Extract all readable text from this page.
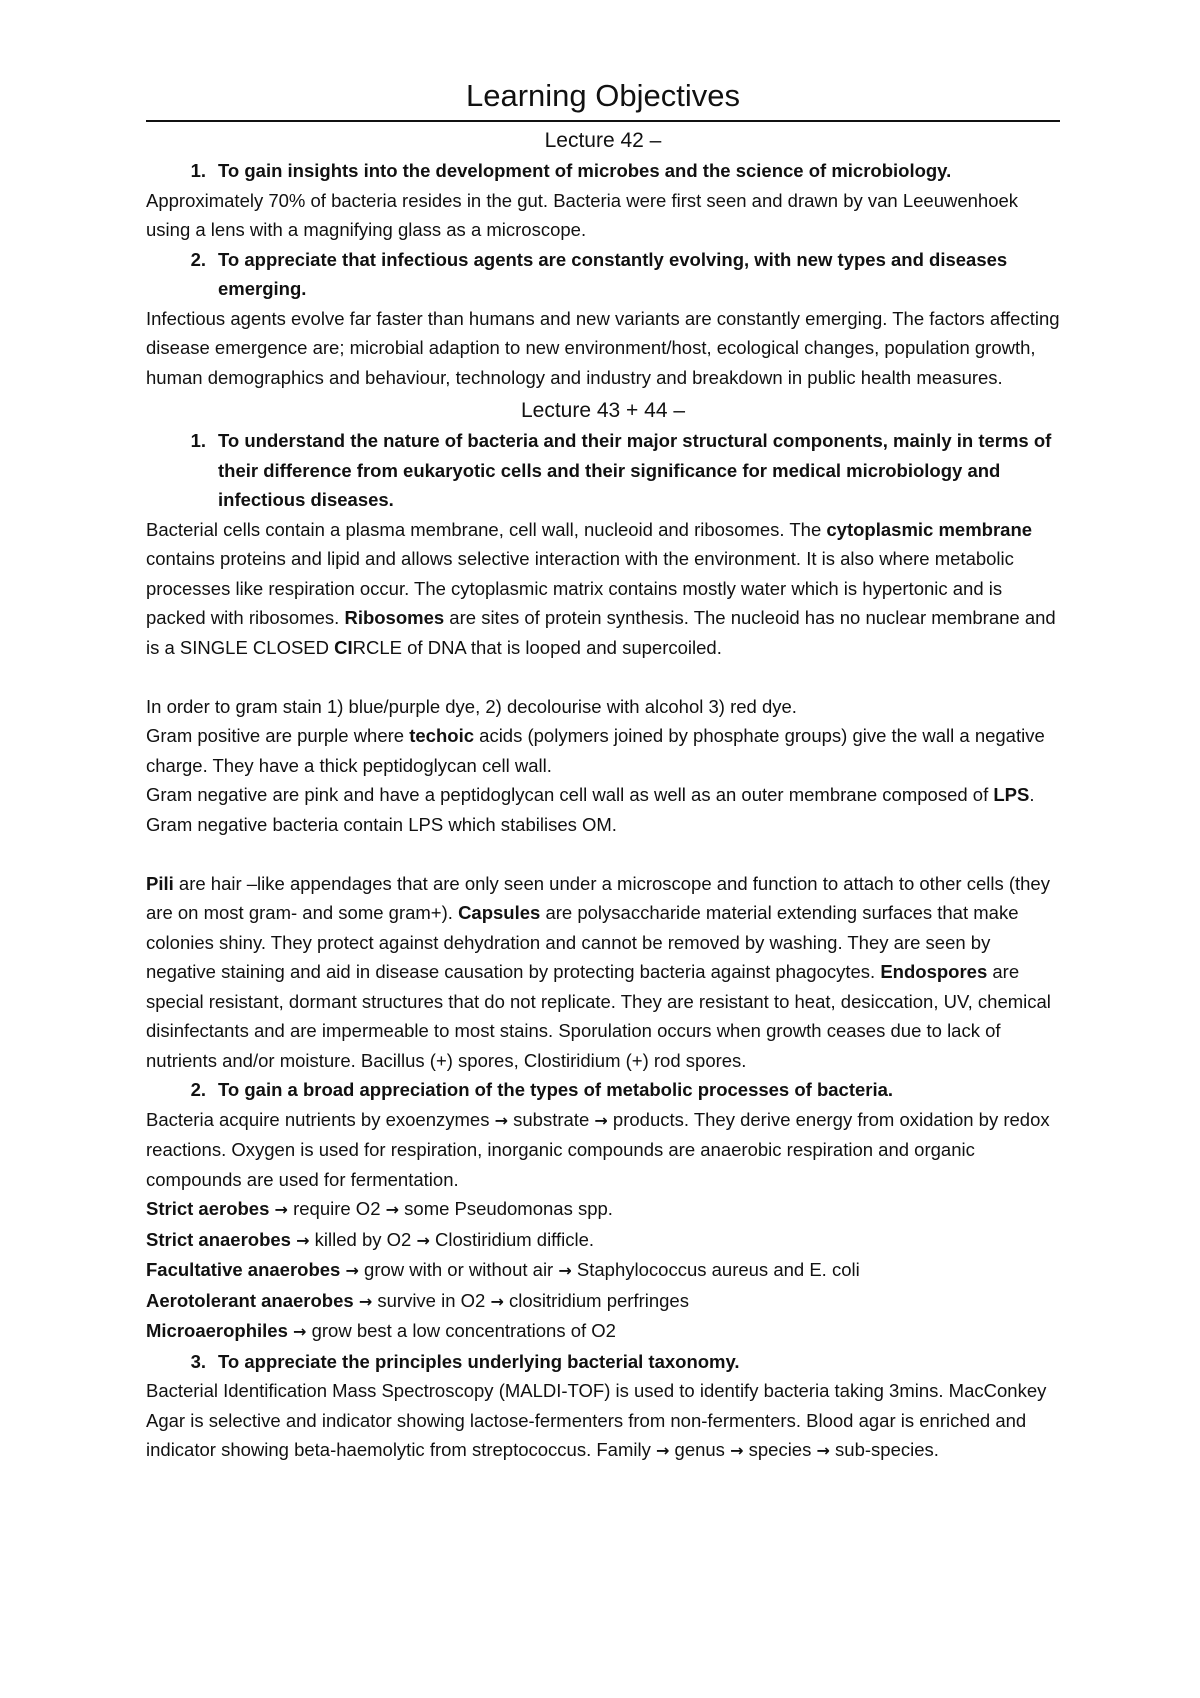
Learning Objectives
Lecture 42 –
1. To gain insights into the development of microbes and the science of microbiology.

Approximately 70% of bacteria resides in the gut. Bacteria were first seen and drawn by van Leeuwenhoek using a lens with a magnifying glass as a microscope.

2. To appreciate that infectious agents are constantly evolving, with new types and diseases emerging.

Infectious agents evolve far faster than humans and new variants are constantly emerging. The factors affecting disease emergence are; microbial adaption to new environment/host, ecological changes, population growth, human demographics and behaviour, technology and industry and breakdown in public health measures.

Lecture 43 + 44 –
1. To understand the nature of bacteria and their major structural components, mainly in terms of their difference from eukaryotic cells and their significance for medical microbiology and infectious diseases.

Bacterial cells contain a plasma membrane, cell wall, nucleoid and ribosomes. The cytoplasmic membrane contains proteins and lipid and allows selective interaction with the environment. It is also where metabolic processes like respiration occur. The cytoplasmic matrix contains mostly water which is hypertonic and is packed with ribosomes. Ribosomes are sites of protein synthesis. The nucleoid has no nuclear membrane and is a SINGLE CLOSED CIRCLE of DNA that is looped and supercoiled.

In order to gram stain 1) blue/purple dye, 2) decolourise with alcohol 3) red dye.

Gram positive are purple where techoic acids (polymers joined by phosphate groups) give the wall a negative charge. They have a thick peptidoglycan cell wall.

Gram negative are pink and have a peptidoglycan cell wall as well as an outer membrane composed of LPS. Gram negative bacteria contain LPS which stabilises OM.

Pili are hair –like appendages that are only seen under a microscope and function to attach to other cells (they are on most gram- and some gram+). Capsules are polysaccharide material extending surfaces that make colonies shiny. They protect against dehydration and cannot be removed by washing. They are seen by negative staining and aid in disease causation by protecting bacteria against phagocytes. Endospores are special resistant, dormant structures that do not replicate. They are resistant to heat, desiccation, UV, chemical disinfectants and are impermeable to most stains. Sporulation occurs when growth ceases due to lack of nutrients and/or moisture. Bacillus (+) spores, Clostiridium (+) rod spores.

2. To gain a broad appreciation of the types of metabolic processes of bacteria.

Bacteria acquire nutrients by exoenzymes → substrate → products. They derive energy from oxidation by redox reactions. Oxygen is used for respiration, inorganic compounds are anaerobic respiration and organic compounds are used for fermentation.

Strict aerobes → require O2 → some Pseudomonas spp.

Strict anaerobes → killed by O2 → Clostiridium difficle.

Facultative anaerobes → grow with or without air → Staphylococcus aureus and E. coli

Aerotolerant anaerobes → survive in O2 → clositridium perfringes

Microaerophiles → grow best a low concentrations of O2

3. To appreciate the principles underlying bacterial taxonomy.

Bacterial Identification Mass Spectroscopy (MALDI-TOF) is used to identify bacteria taking 3mins. MacConkey Agar is selective and indicator showing lactose-fermenters from non-fermenters. Blood agar is enriched and indicator showing beta-haemolytic from streptococcus. Family → genus → species → sub-species.
